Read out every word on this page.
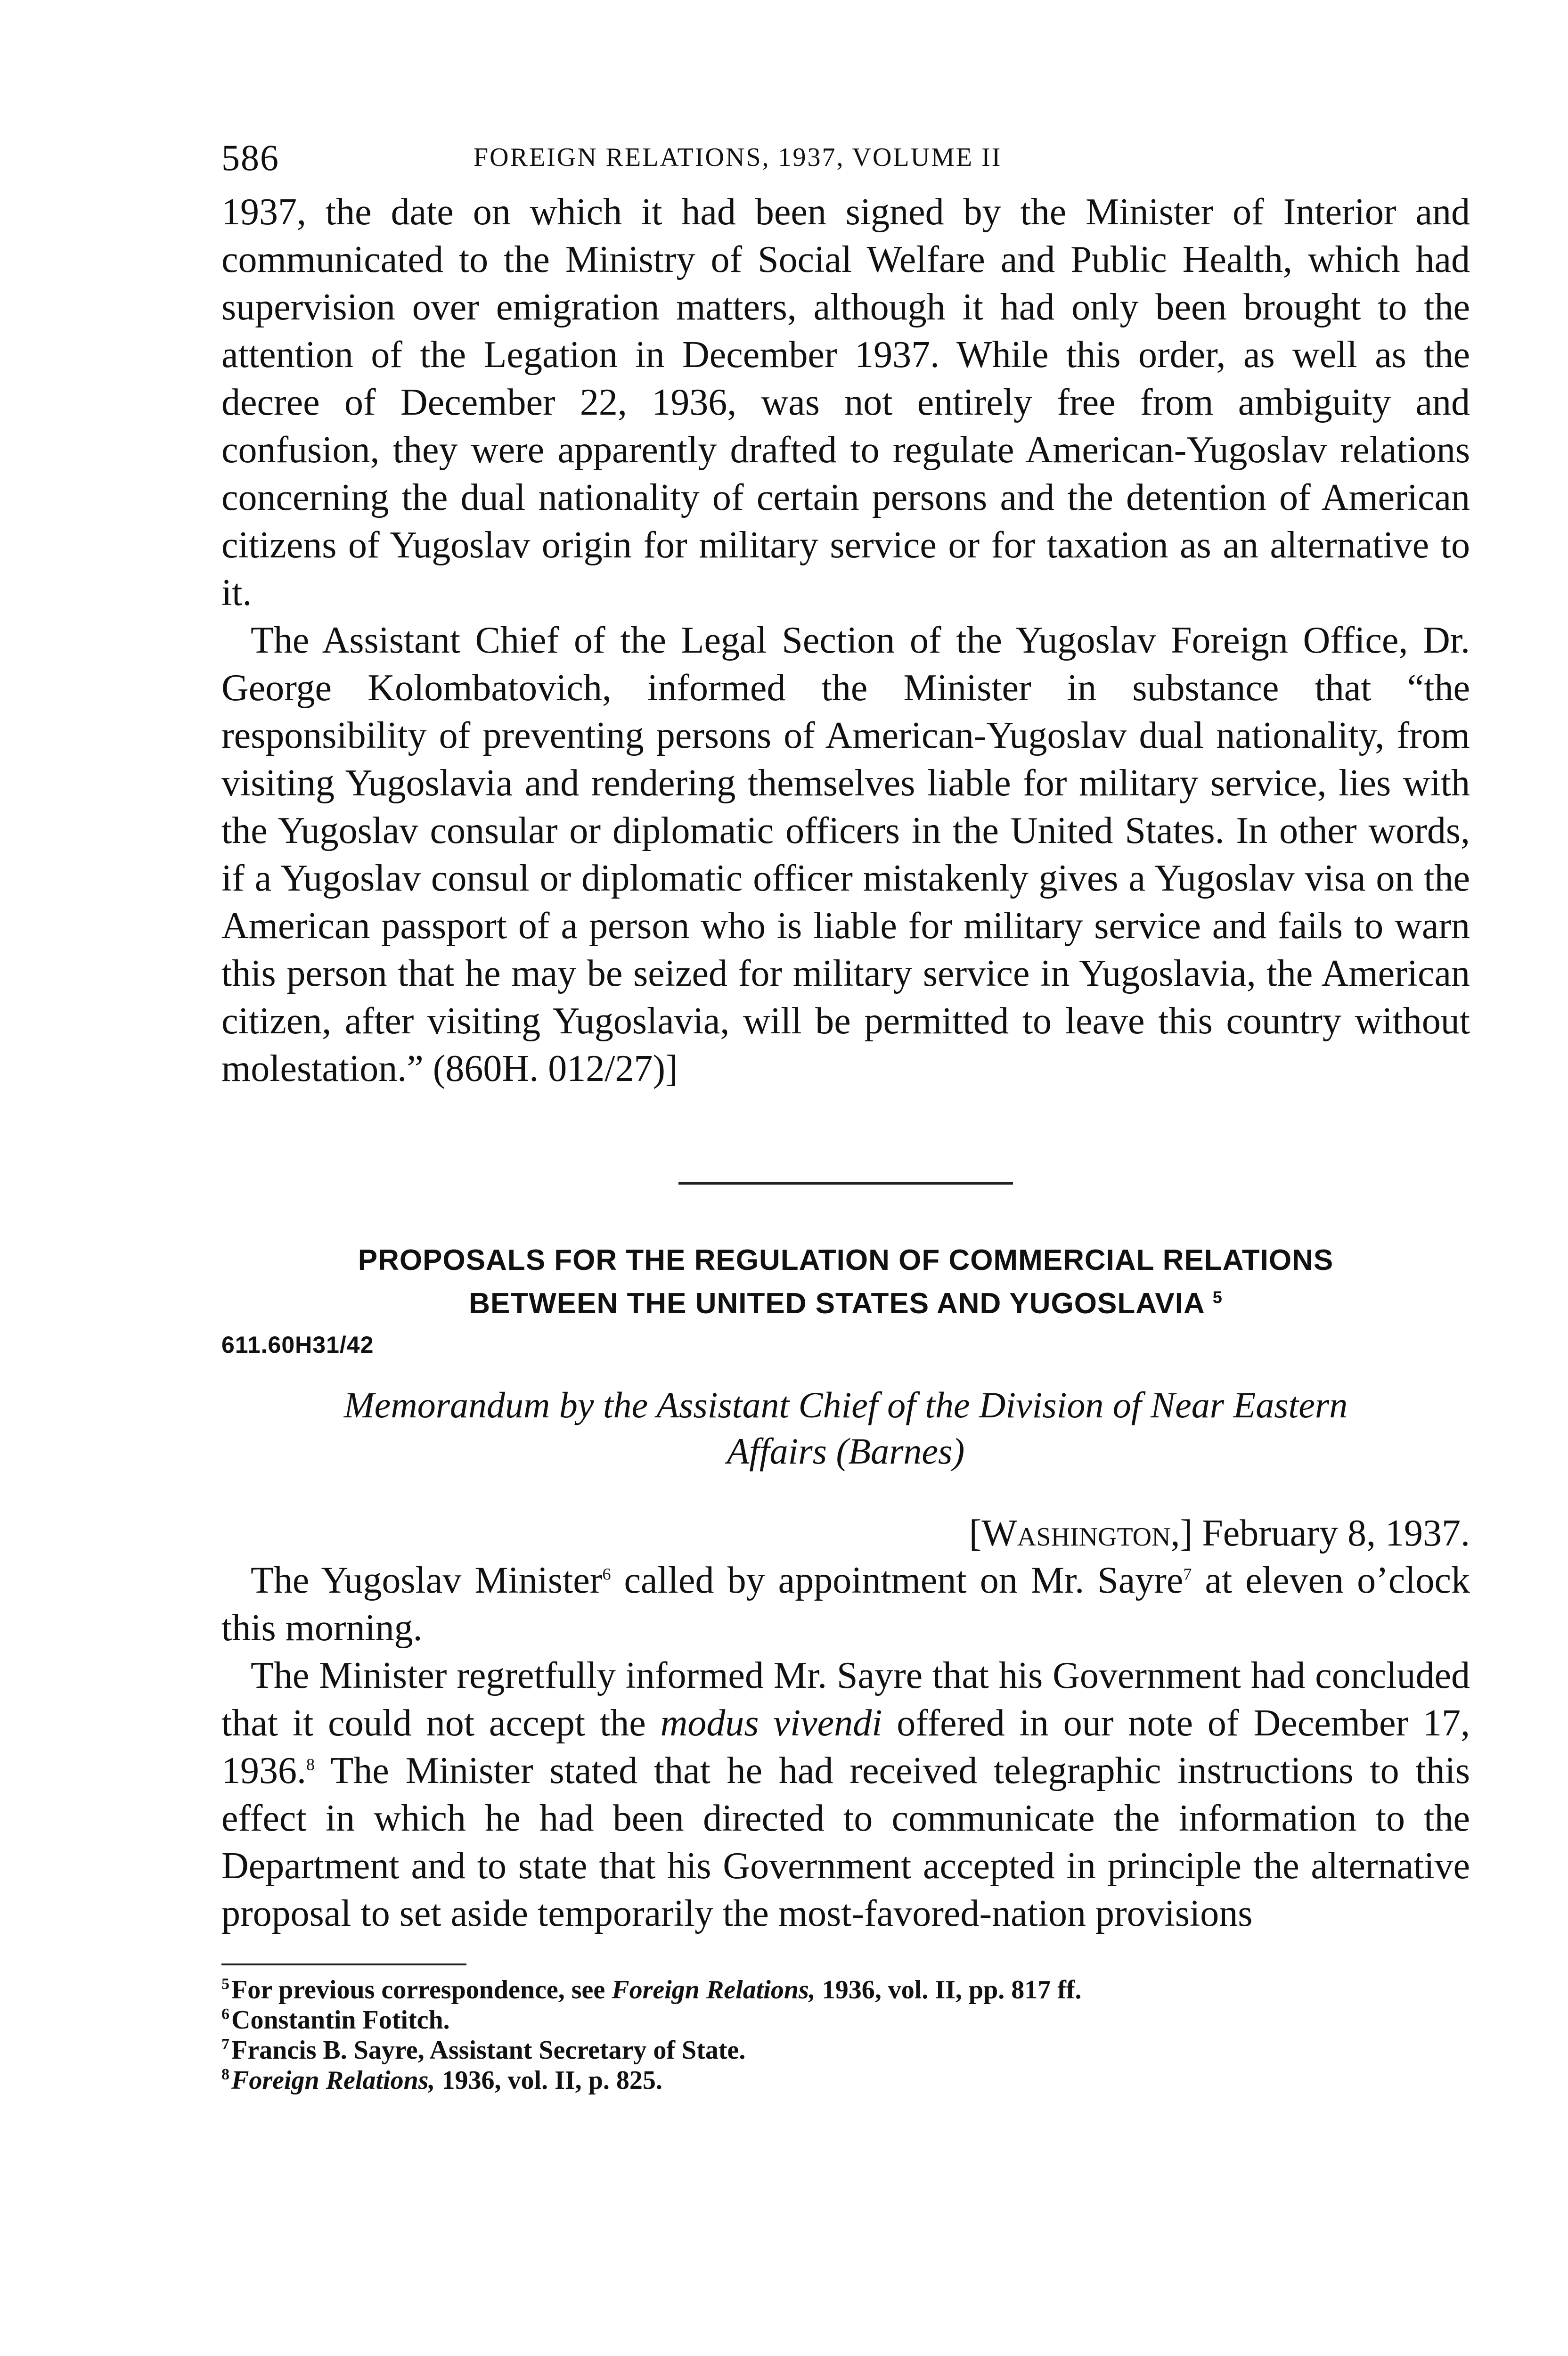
586	FOREIGN RELATIONS, 1937, VOLUME II

1937, the date on which it had been signed by the Minister of Interior and communicated to the Ministry of Social Welfare and Public Health, which had supervision over emigration matters, although it had only been brought to the attention of the Legation in December 1937. While this order, as well as the decree of December 22, 1936, was not entirely free from ambiguity and confusion, they were apparently drafted to regulate American-Yugoslav relations concerning the dual nationality of certain persons and the detention of American citizens of Yugoslav origin for military service or for taxation as an alternative to it.

The Assistant Chief of the Legal Section of the Yugoslav Foreign Office, Dr. George Kolombatovich, informed the Minister in substance that “the responsibility of preventing persons of American-Yugoslav dual nationality, from visiting Yugoslavia and rendering themselves liable for military service, lies with the Yugoslav consular or diplomatic officers in the United States. In other words, if a Yugoslav consul or diplomatic officer mistakenly gives a Yugoslav visa on the American passport of a person who is liable for military service and fails to warn this person that he may be seized for military service in Yugoslavia, the American citizen, after visiting Yugoslavia, will be permitted to leave this country without molestation.” (860H. 012/27)]

PROPOSALS FOR THE REGULATION OF COMMERCIAL RELATIONS
BETWEEN THE UNITED STATES AND YUGOSLAVIA $^5$
611.60H31/42
Memorandum by the Assistant Chief of the Division of Near Eastern
Affairs (Barnes)
[Washington,] February 8, 1937.

The Yugoslav Minister$^6$ called by appointment on Mr. Sayre$^7$ at eleven o’clock this morning.

The Minister regretfully informed Mr. Sayre that his Government had concluded that it could not accept the modus vivendi offered in our note of December 17, 1936.$^8$ The Minister stated that he had received telegraphic instructions to this effect in which he had been directed to communicate the information to the Department and to state that his Government accepted in principle the alternative proposal to set aside temporarily the most-favored-nation provisions

$^5$For previous correspondence, see Foreign Relations, 1936, vol. II, pp. 817 ff.
$^6$Constantin Fotitch.
$^7$Francis B. Sayre, Assistant Secretary of State.
$^8$Foreign Relations, 1936, vol. II, p. 825.
